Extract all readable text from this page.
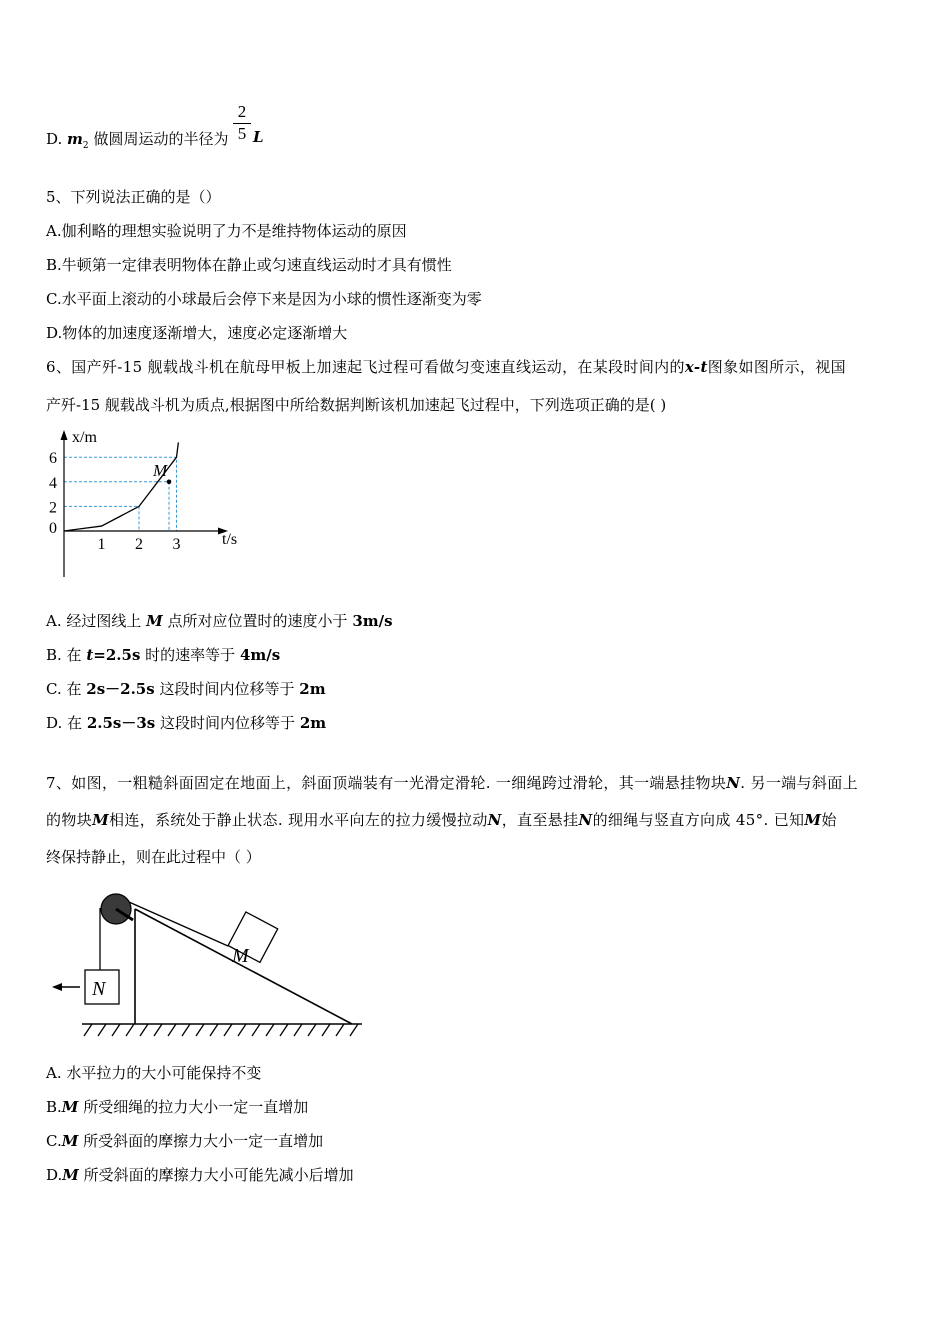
D. $m_2$ 做圆周运动的半径为 $\frac{2}{5}$ L
5、下列说法正确的是（）
A.伽利略的理想实验说明了力不是维持物体运动的原因
B.牛顿第一定律表明物体在静止或匀速直线运动时才具有惯性
C.水平面上滚动的小球最后会停下来是因为小球的惯性逐渐变为零
D.物体的加速度逐渐增大，速度必定逐渐增大
6、国产歼-15 舰载战斗机在航母甲板上加速起飞过程可看做匀变速直线运动，在某段时间内的x-t图象如图所示，视国
产歼-15 舰载战斗机为质点,根据图中所给数据判断该机加速起飞过程中，下列选项正确的是( )
M
1 2 3
0
2
4
6
x/m
t/s
A. 经过图线上 M 点所对应位置时的速度小于 3m/s
B. 在 t=2.5s 时的速率等于 4m/s
C. 在 2s－2.5s 这段时间内位移等于 2m
D. 在 2.5s－3s 这段时间内位移等于 2m
7、如图，一粗糙斜面固定在地面上，斜面顶端装有一光滑定滑轮. 一细绳跨过滑轮，其一端悬挂物块N. 另一端与斜面上
的物块M相连，系统处于静止状态. 现用水平向左的拉力缓慢拉动N，直至悬挂N的细绳与竖直方向成 45°. 已知M始
终保持静止，则在此过程中（ ）
M
N
A. 水平拉力的大小可能保持不变
B.M 所受细绳的拉力大小一定一直增加
C.M 所受斜面的摩擦力大小一定一直增加
D.M 所受斜面的摩擦力大小可能先减小后增加
